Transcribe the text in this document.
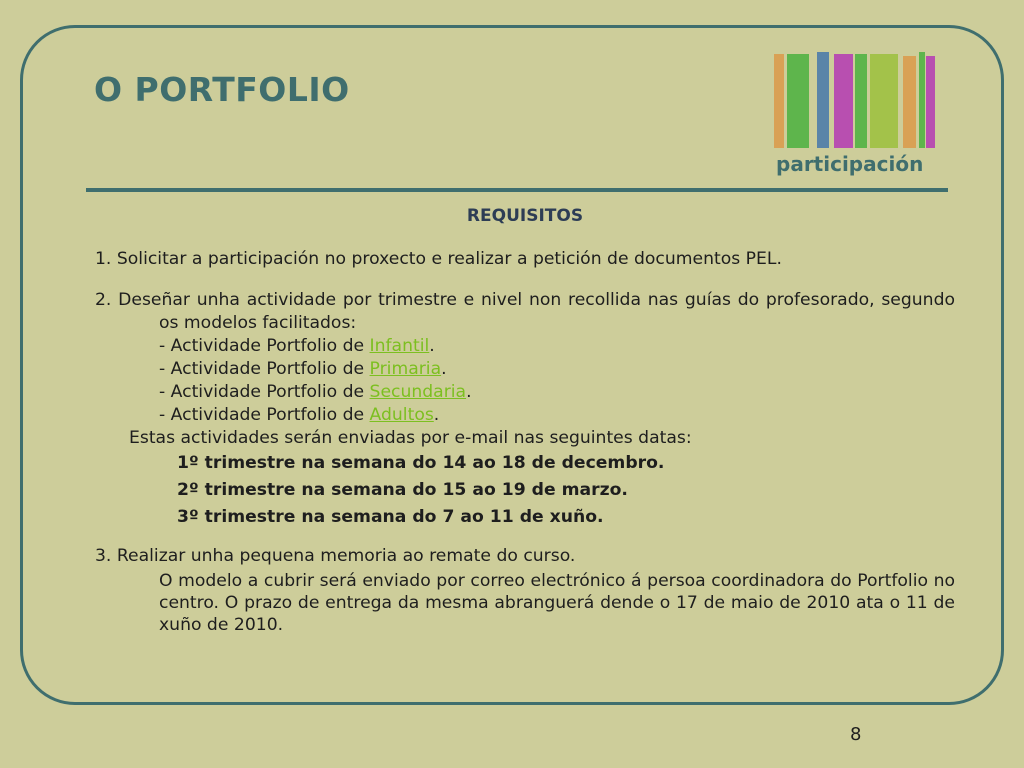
O PORTFOLIO
participación

REQUISITOS

1. Solicitar a participación no proxecto e realizar a petición de documentos PEL.

2. Deseñar unha actividade por trimestre e nivel non recollida nas guías do profesorado, segundo os modelos facilitados:

- Actividade Portfolio de Infantil.

- Actividade Portfolio de Primaria.

- Actividade Portfolio de Secundaria.

- Actividade Portfolio de Adultos.

Estas actividades serán enviadas por e-mail nas seguintes datas:

1º trimestre na semana do 14 ao 18 de decembro.

2º trimestre na semana do 15 ao 19 de marzo.

3º trimestre na semana do 7 ao 11 de xuño.

3. Realizar unha pequena memoria ao remate do curso.

O modelo a cubrir será enviado por correo electrónico á persoa coordinadora do Portfolio no centro. O prazo de entrega da mesma abranguerá dende o 17 de maio de 2010 ata o 11 de xuño de 2010.

8
